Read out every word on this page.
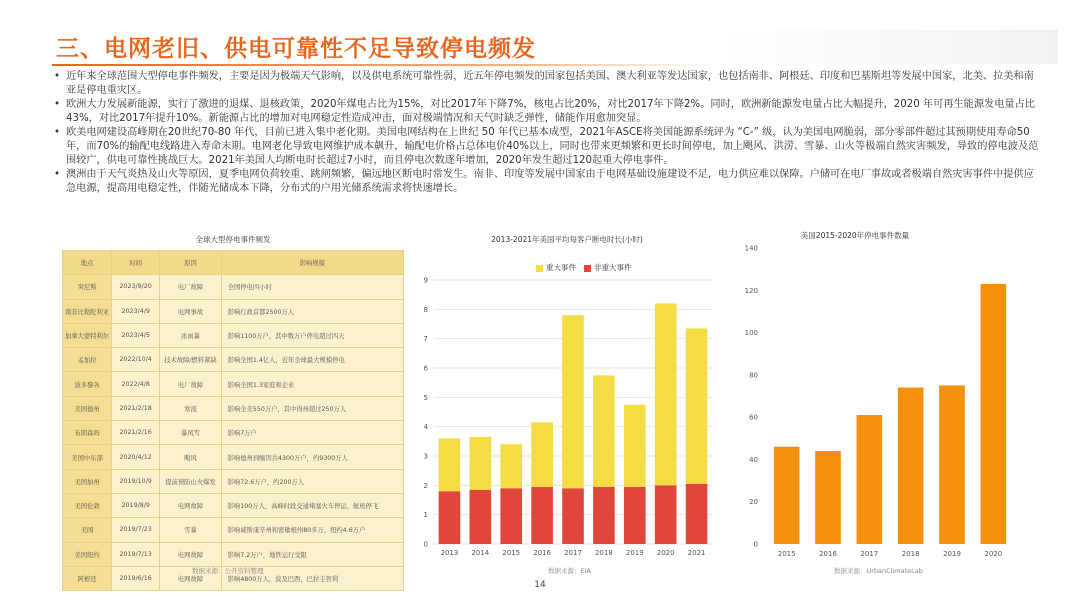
三、电网老旧、供电可靠性不足导致停电频发
• 近年来全球范围大型停电事件频发，主要是因为极端天气影响，以及供电系统可靠性弱，近五年停电频发的国家包括美国、澳大利亚等发达国家，也包括南非、阿根廷、印度和巴基斯坦等发展中国家，北美、拉美和南亚是停电重灾区。
• 欧洲大力发展新能源，实行了激进的退煤、退核政策，2020年煤电占比为15%，对比2017年下降7%，核电占比20%，对比2017年下降2%。同时，欧洲新能源发电量占比大幅提升，2020 年可再生能源发电量占比43%，对比2017年提升10%。新能源占比的增加对电网稳定性造成冲击，面对极端情况和天气时缺乏弹性，储能作用愈加突显。
• 欧美电网建设高峰期在20世纪70-80 年代，目前已进入集中老化期。美国电网结构在上世纪 50 年代已基本成型，2021年ASCE将美国能源系统评为 “C-” 级，认为美国电网脆弱，部分零部件超过其预期使用寿命50 年，而70%的输配电线路进入寿命末期。电网老化导致电网维护成本飙升，输配电价格占总体电价40%以上，同时也带来更频繁和更长时间停电，加上飓风、洪涝、雪暴、山火等极端自然灾害频发，导致的停电波及范围较广，供电可靠性挑战巨大。2021年美国人均断电时长超过7小时，而且停电次数逐年增加，2020年发生超过120起重大停电事件。
• 澳洲由于天气炎热及山火等原因，夏季电网负荷较重、跳闸频繁，偏远地区断电时常发生。南非、印度等发展中国家由于电网基础设施建设不足，电力供应难以保障。户储可在电厂事故或者极端自然灾害事件中提供应急电源，提高用电稳定性，伴随光储成本下降，分布式的户用光储系统需求将快速增长。
全球大型停电事件频发
地点	时间	原因	影响规模
突尼斯	2023/9/20	电厂故障	全国停电四小时
南非比勒陀利亚	2023/4/9	电网事故	影响行政首都2500万人
加拿大蒙特利尔	2023/4/5	冰雨暴	影响1100万户，其中数万户停电超过四天
孟加拉	2022/10/4	技术故障/燃料紧缺	影响全国1.4亿人，近年全球最大规模停电
波多黎各	2022/4/8	电厂故障	影响全国1.3家庭和企业
美国德州	2021/2/18	寒流	影响全美550万户，其中得州超过250万人
布朗森吗	2021/2/16	暴风雪	影响7万户
美国中东部	2020/4/12	飓风	影响德州到缅因共4300万户，约9300万人
美国加州	2019/10/9	提前预防山火爆发	影响72.6万户，约200万人
美国伦敦	2019/8/9	电网故障	影响100万人，高峰时段交通堵塞火车停运，航班停飞
美国	2019/7/23	雪暴	影响威斯康辛州和密歇根州80多万，纽约4.6万户
美国纽约	2019/7/13	电网故障	影响7.2万户，地铁运行受阻
阿根廷	2019/6/16	电网故障	影响4800万人，波及巴西，巴拉圭智利
数据来源：公开资料整理
2013-2021年美国平均每客户断电时长(小时)
重大事件	非重大事件
0
1
2
3
4
5
6
7
8
9
2013 2014 2015 2016 2017 2018 2019 2020 2021
数据来源：EIA
美国2015-2020年停电事件数量
0
20
40
60
80
100
120
140
2015	2016	2017	2018	2019	2020
数据来源：UrbanClimateLab
14
